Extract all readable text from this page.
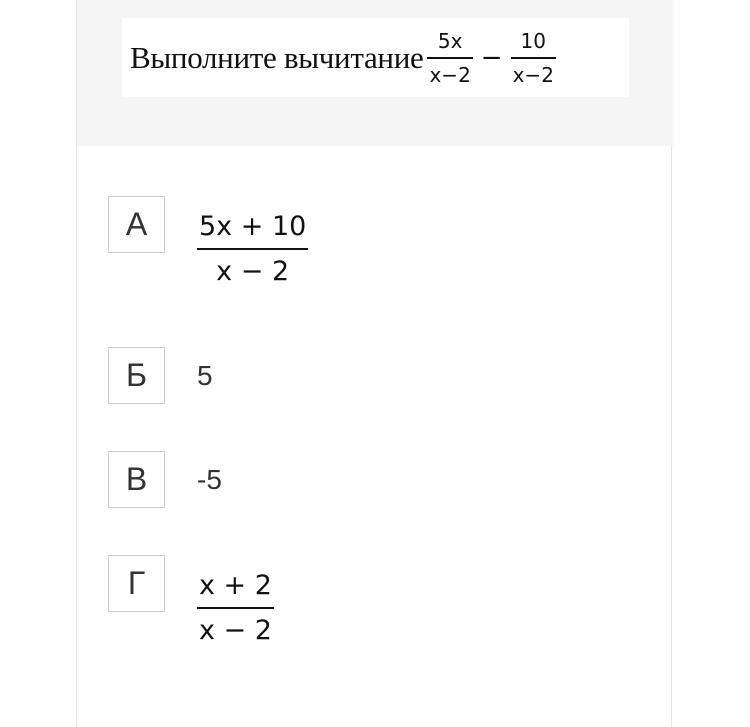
Выполните вычитание $\frac{5x}{x-2} - \frac{10}{x-2}$
А	$\frac{5x + 10}{x - 2}$
Б	5
В	-5
Г	$\frac{x + 2}{x - 2}$
